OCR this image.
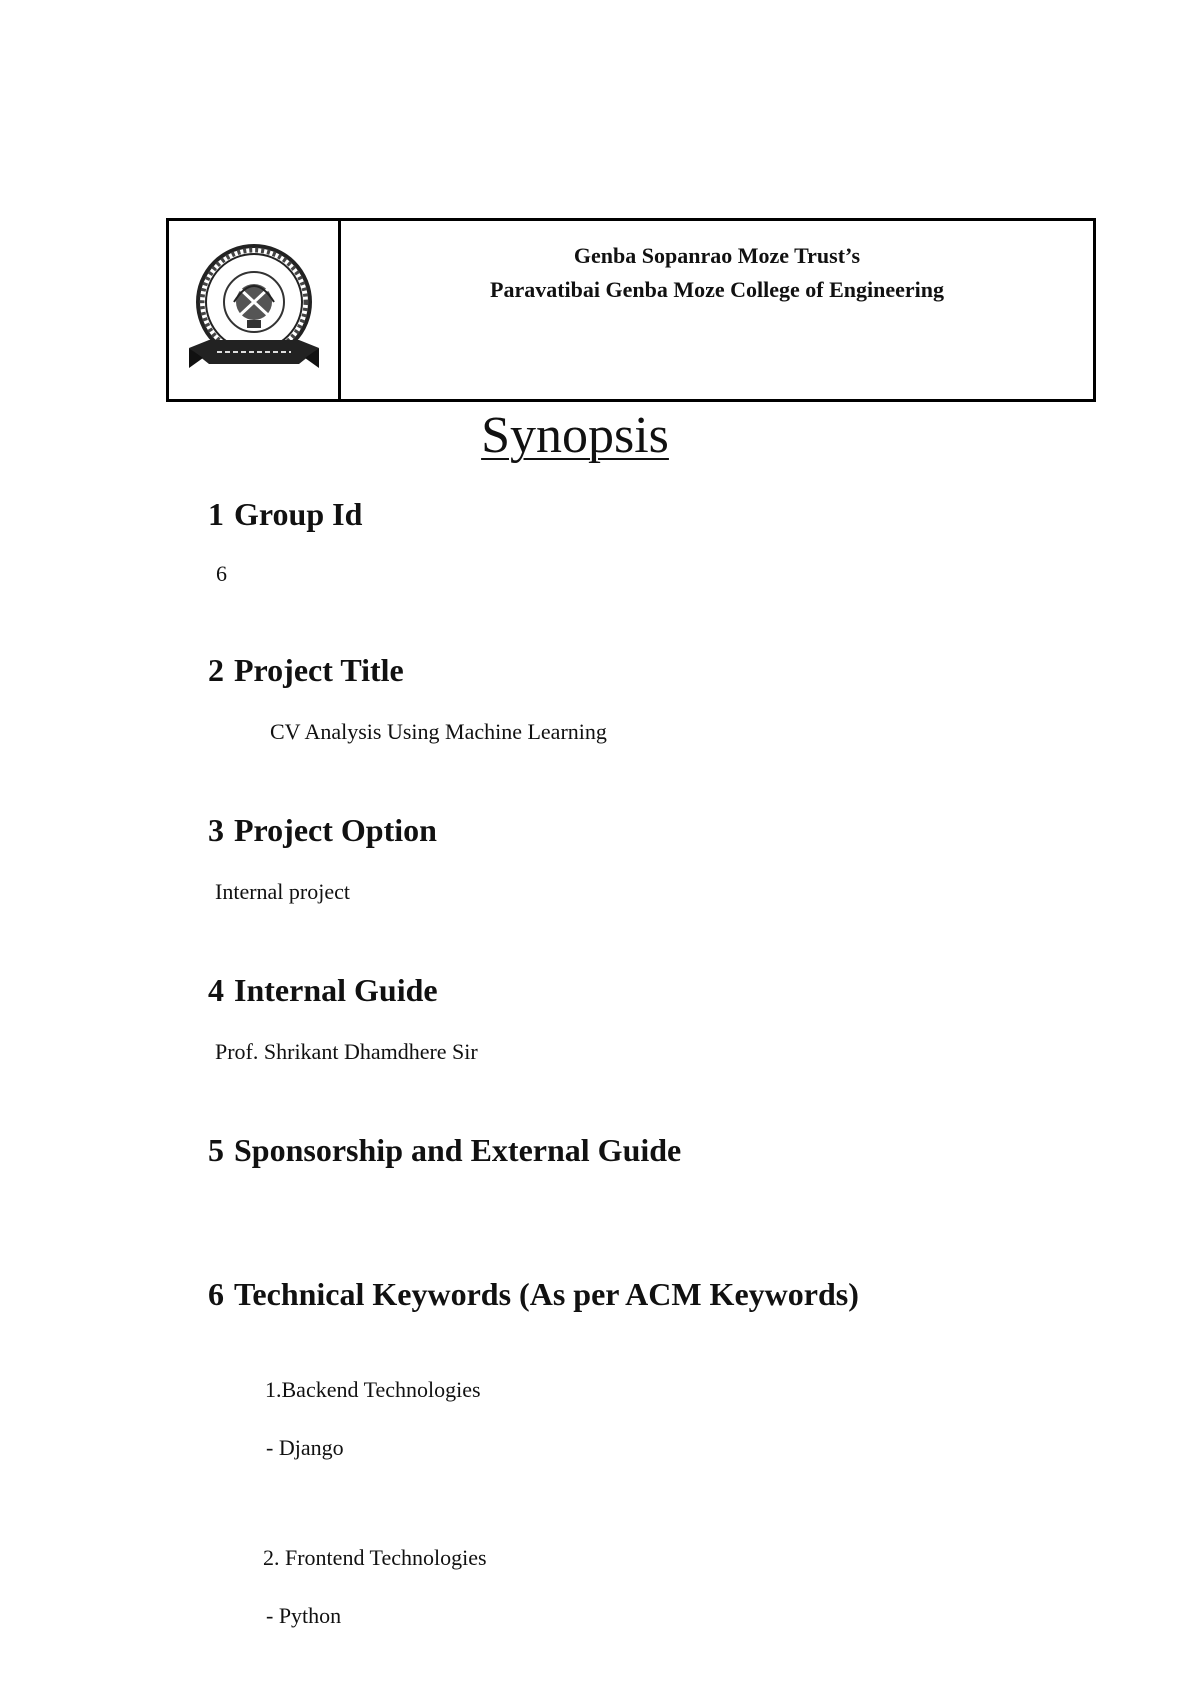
Genba Sopanrao Moze Trust’s
Paravatibai Genba Moze College of Engineering
Synopsis
1 Group Id
6
2 Project Title
CV Analysis Using Machine Learning
3 Project Option
Internal project
4 Internal Guide
Prof. Shrikant Dhamdhere Sir
5 Sponsorship and External Guide
6 Technical Keywords (As per ACM Keywords)
1.Backend Technologies
- Django
2. Frontend Technologies
- Python
